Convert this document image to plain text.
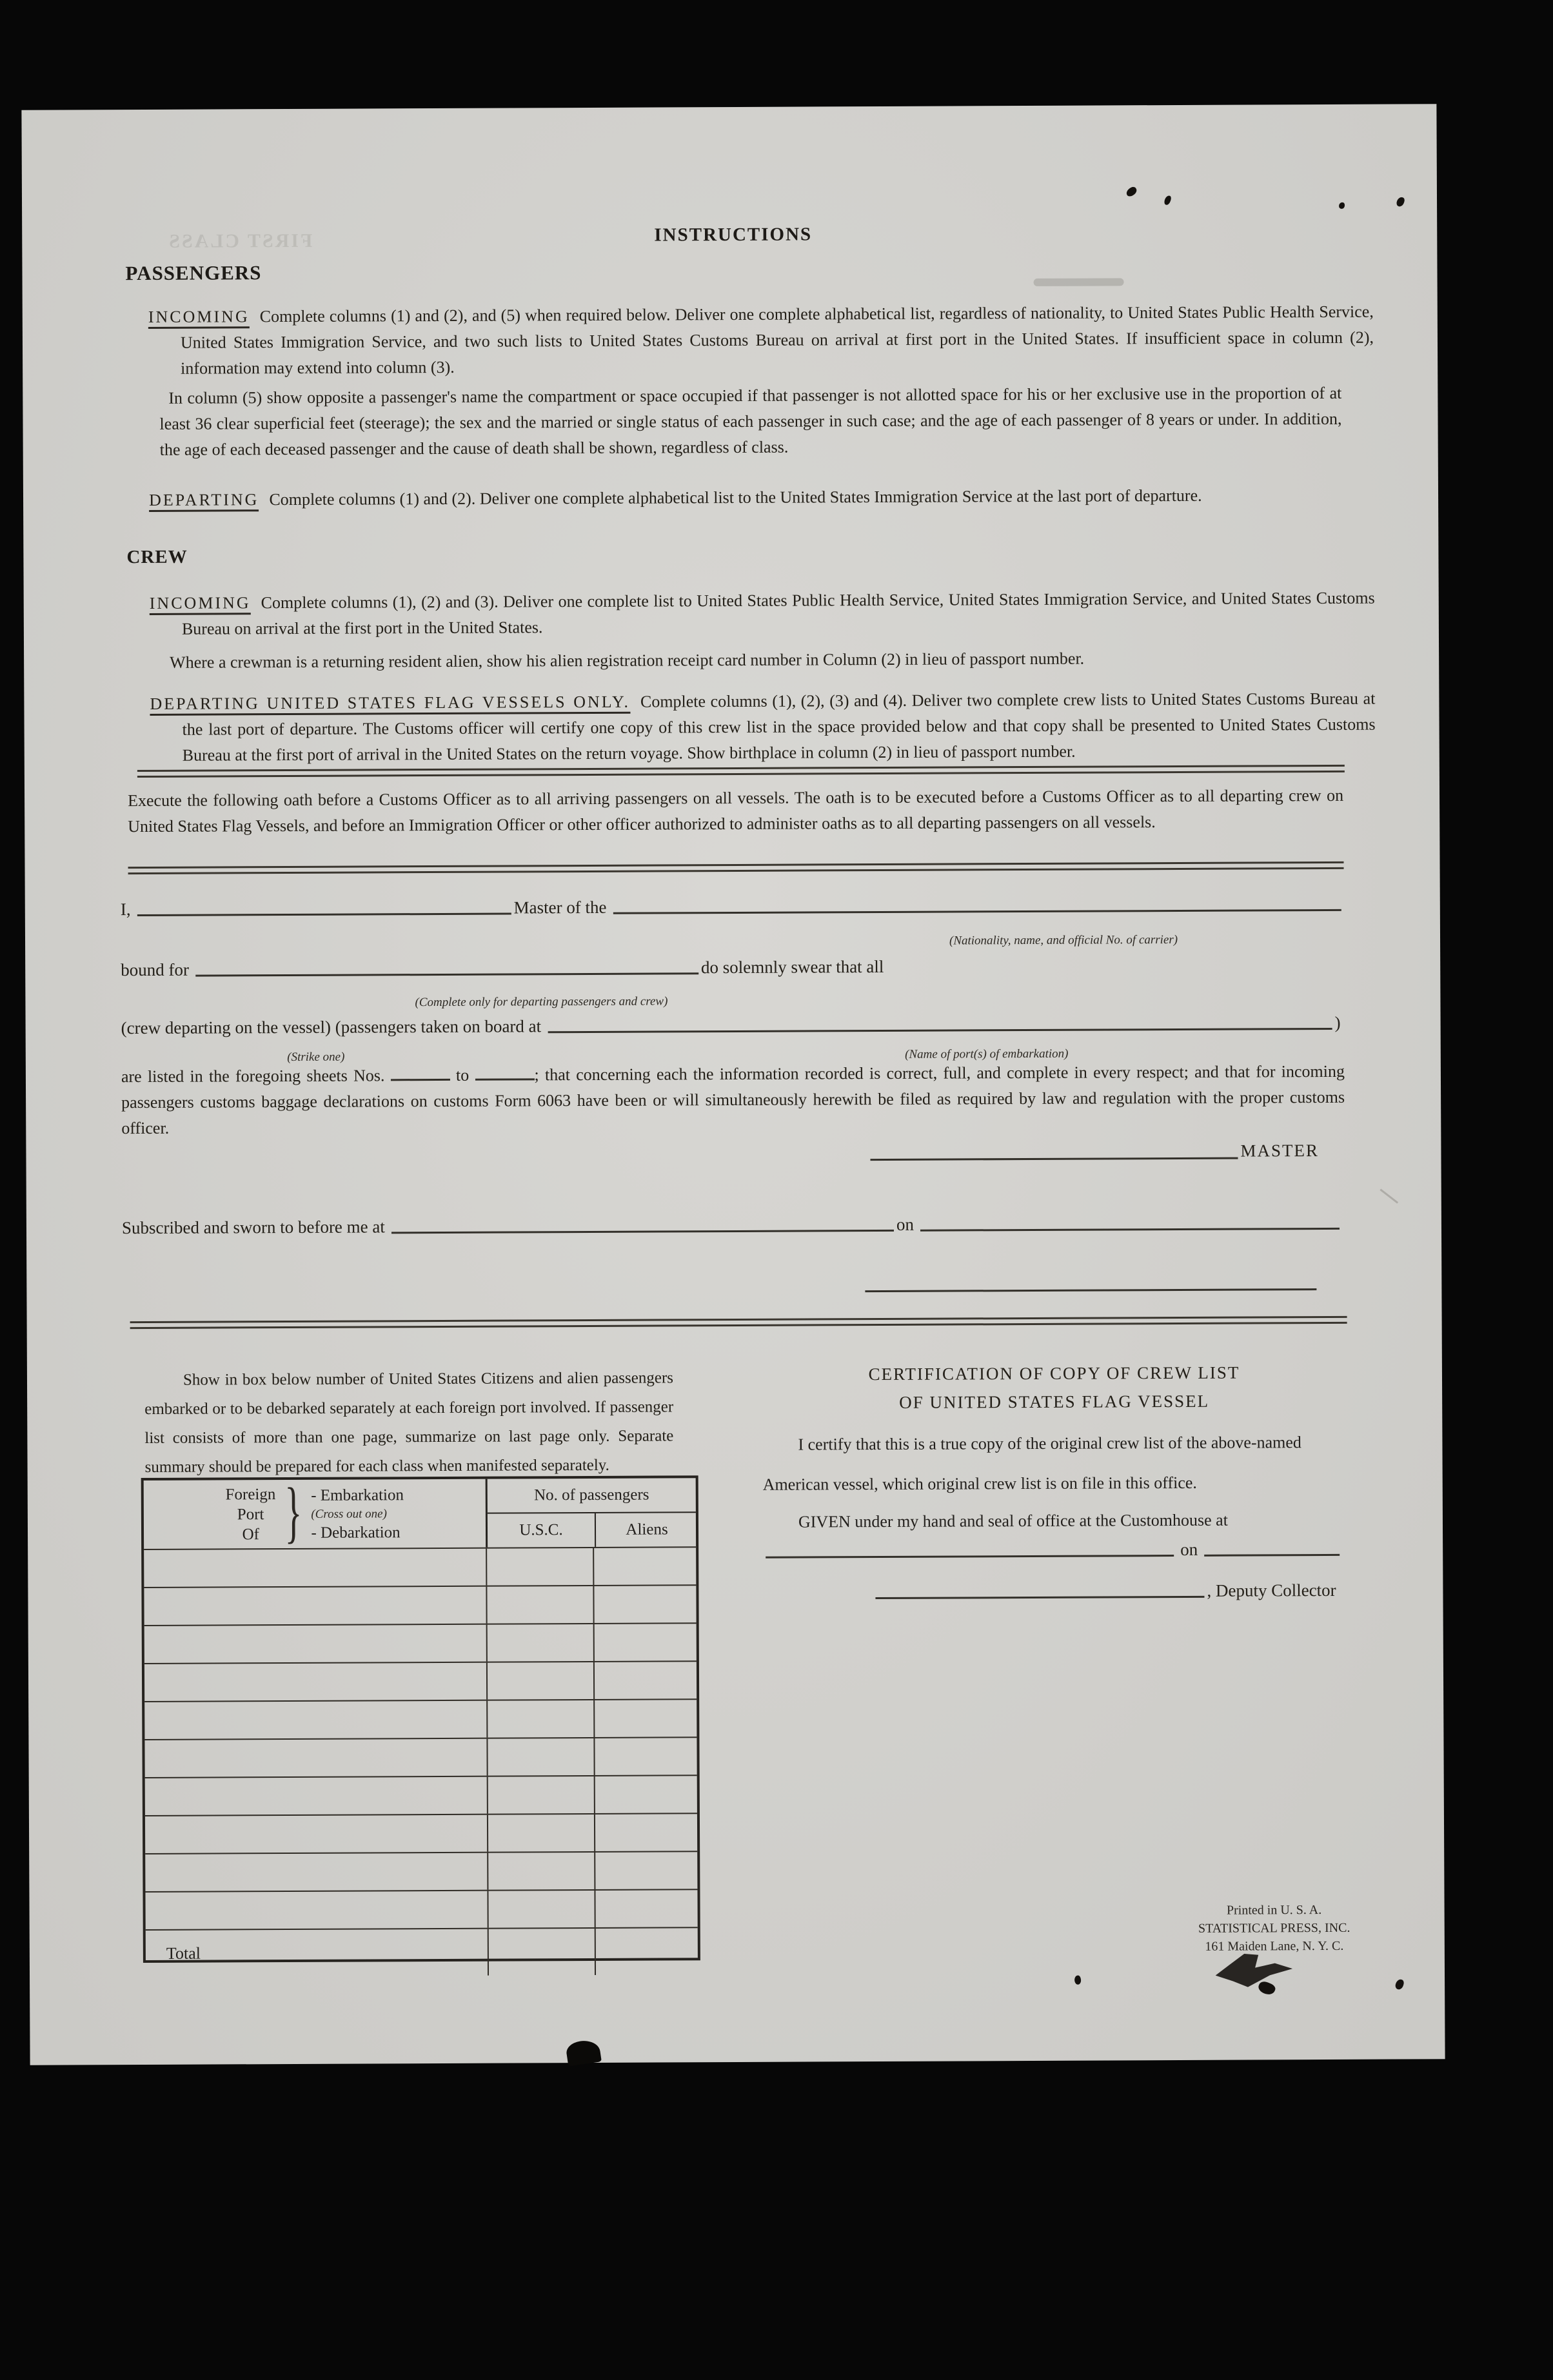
FIRST CLASS	INSTRUCTIONS
PASSENGERS
INCOMING Complete columns (1) and (2), and (5) when required below. Deliver one complete alphabetical list, regardless of nationality, to United States Public Health Service, United States Immigration Service, and two such lists to United States Customs Bureau on arrival at first port in the United States. If insufficient space in column (2), information may extend into column (3).
In column (5) show opposite a passenger's name the compartment or space occupied if that passenger is not allotted space for his or her exclusive use in the proportion of at least 36 clear superficial feet (steerage); the sex and the married or single status of each passenger in such case; and the age of each passenger of 8 years or under. In addition, the age of each deceased passenger and the cause of death shall be shown, regardless of class.
DEPARTING Complete columns (1) and (2). Deliver one complete alphabetical list to the United States Immigration Service at the last port of departure.
CREW
INCOMING Complete columns (1), (2) and (3). Deliver one complete list to United States Public Health Service, United States Immigration Service, and United States Customs Bureau on arrival at the first port in the United States.
Where a crewman is a returning resident alien, show his alien registration receipt card number in Column (2) in lieu of passport number.
DEPARTING UNITED STATES FLAG VESSELS ONLY. Complete columns (1), (2), (3) and (4). Deliver two complete crew lists to United States Customs Bureau at the last port of departure. The Customs officer will certify one copy of this crew list in the space provided below and that copy shall be presented to United States Customs Bureau at the first port of arrival in the United States on the return voyage. Show birthplace in column (2) in lieu of passport number.
Execute the following oath before a Customs Officer as to all arriving passengers on all vessels. The oath is to be executed before a Customs Officer as to all departing crew on United States Flag Vessels, and before an Immigration Officer or other officer authorized to administer oaths as to all departing passengers on all vessels.
I,	Master of the
(Nationality, name, and official No. of carrier)
bound for	do solemnly swear that all
(Complete only for departing passengers and crew)
(crew departing on the vessel) (passengers taken on board at	)
(Strike one)	(Name of port(s) of embarkation)
are listed in the foregoing sheets Nos.	to	; that concerning each the information recorded is correct, full, and complete in every respect; and that for incoming passengers customs baggage declarations on customs Form 6063 have been or will simultaneously herewith be filed as required by law and regulation with the proper customs officer.
MASTER
Subscribed and sworn to before me at	on
Show in box below number of United States Citizens and alien passengers embarked or to be debarked separately at each foreign port involved. If passenger list consists of more than one page, summarize on last page only. Separate summary should be prepared for each class when manifested separately.
Foreign
Port
Of } - Embarkation
(Cross out one)
- Debarkation
No. of passengers
U.S.C.	Aliens
Total
CERTIFICATION OF COPY OF CREW LIST
OF UNITED STATES FLAG VESSEL
I certify that this is a true copy of the original crew list of the above-named
American vessel, which original crew list is on file in this office.
GIVEN under my hand and seal of office at the Customhouse at
on
, Deputy Collector
Printed in U. S. A.
STATISTICAL PRESS, INC.
161 Maiden Lane, N. Y. C.
